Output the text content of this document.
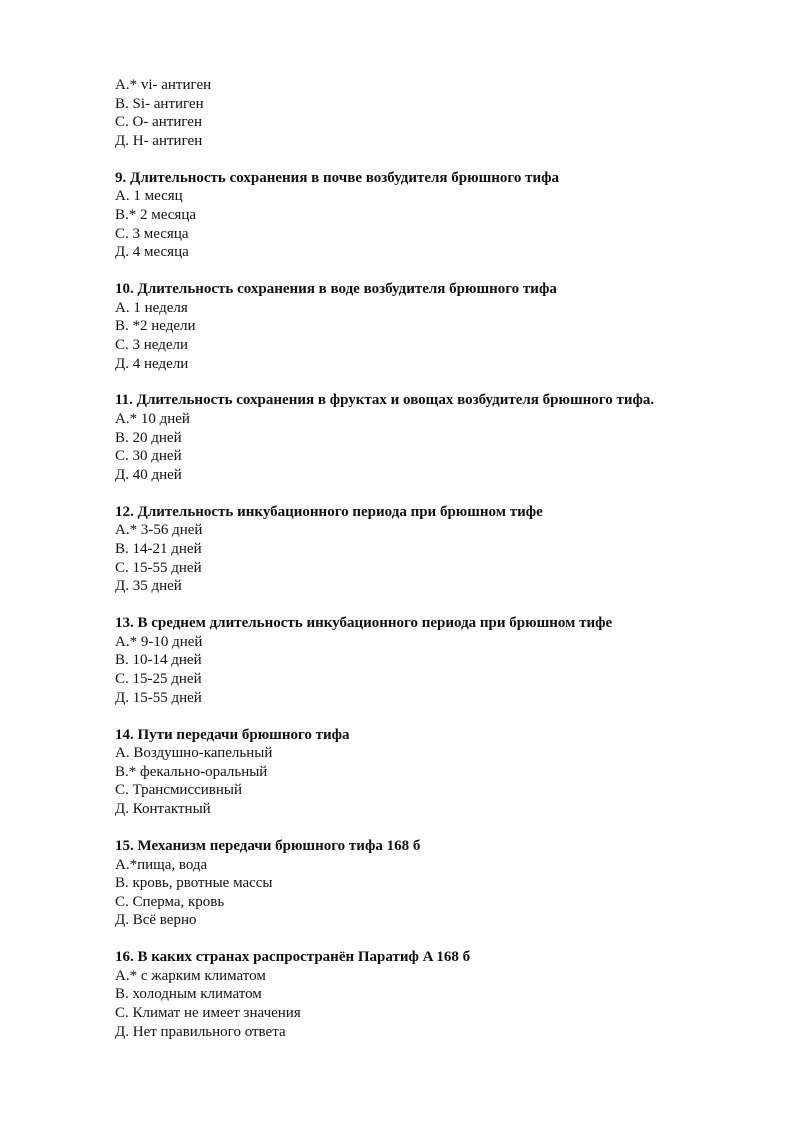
A.* vi- антиген
B. Si- антиген
C. O- антиген
Д. H- антиген
9. Длительность сохранения в почве возбудителя брюшного тифа
A. 1 месяц
B.* 2 месяца
C. 3 месяца
Д. 4 месяца
10. Длительность сохранения в воде возбудителя брюшного тифа
A. 1 неделя
B. *2 недели
C. 3 недели
Д. 4 недели
11. Длительность сохранения в фруктах и овощах возбудителя брюшного тифа.
A.* 10 дней
B. 20 дней
C. 30 дней
Д. 40 дней
12. Длительность инкубационного периода при брюшном тифе
A.* 3-56 дней
B. 14-21 дней
C. 15-55 дней
Д. 35 дней
13. В среднем длительность инкубационного периода при брюшном тифе
A.* 9-10 дней
B. 10-14 дней
C. 15-25 дней
Д. 15-55 дней
14. Пути передачи брюшного тифа
A. Воздушно-капельный
B.* фекально-оральный
C. Трансмиссивный
Д. Контактный
15. Механизм передачи брюшного тифа 168 б
A.*пища, вода
B. кровь, рвотные массы
C. Сперма, кровь
Д. Всё верно
16. В каких странах распространён Паратиф A 168 б
A.* с жарким климатом
B. холодным климатом
C. Климат не имеет значения
Д. Нет правильного ответа
